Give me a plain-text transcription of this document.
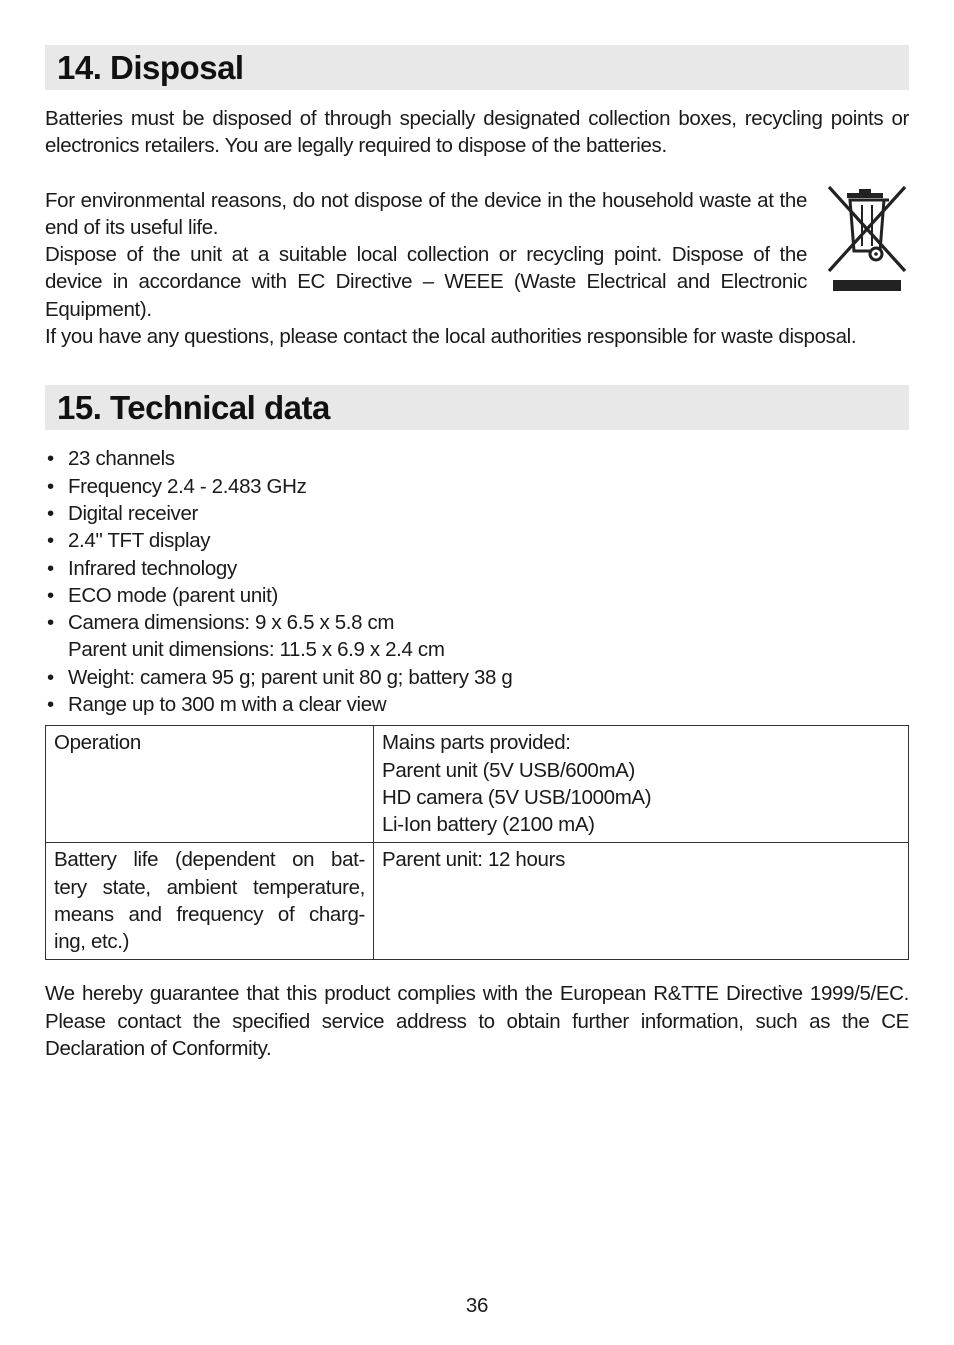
14. Disposal

Batteries must be disposed of through specially designated collection boxes, recycling points or electronics retailers. You are legally required to dispose of the batteries.

For environmental reasons, do not dispose of the device in the household waste at the end of its useful life.

Dispose of the unit at a suitable local collection or recycling point. Dispose of the

device in accordance with EC Directive – WEEE (Waste Electrical and Electronic

Equipment).

If you have any questions, please contact the local authorities responsible for waste disposal.

15. Technical data
• 23 channels
• Frequency 2.4 - 2.483 GHz
• Digital receiver
• 2.4" TFT display
• Infrared technology
• ECO mode (parent unit)
• Camera dimensions: 9 x 6.5 x 5.8 cm
Parent unit dimensions: 11.5 x 6.9 x 2.4 cm
• Weight: camera 95 g; parent unit 80 g; battery 38 g
• Range up to 300 m with a clear view
Operation	Mains parts provided:
Parent unit (5V USB/600mA)
HD camera (5V USB/1000mA)
Li-Ion battery (2100 mA)

Battery life (dependent on bat-
tery state, ambient temperature,
means and frequency of charg-
ing, etc.)	Parent unit: 12 hours

We hereby guarantee that this product complies with the European R&TTE Directive 1999/5/EC. Please contact the specified service address to obtain further information, such as the CE Declaration of Conformity.

36
